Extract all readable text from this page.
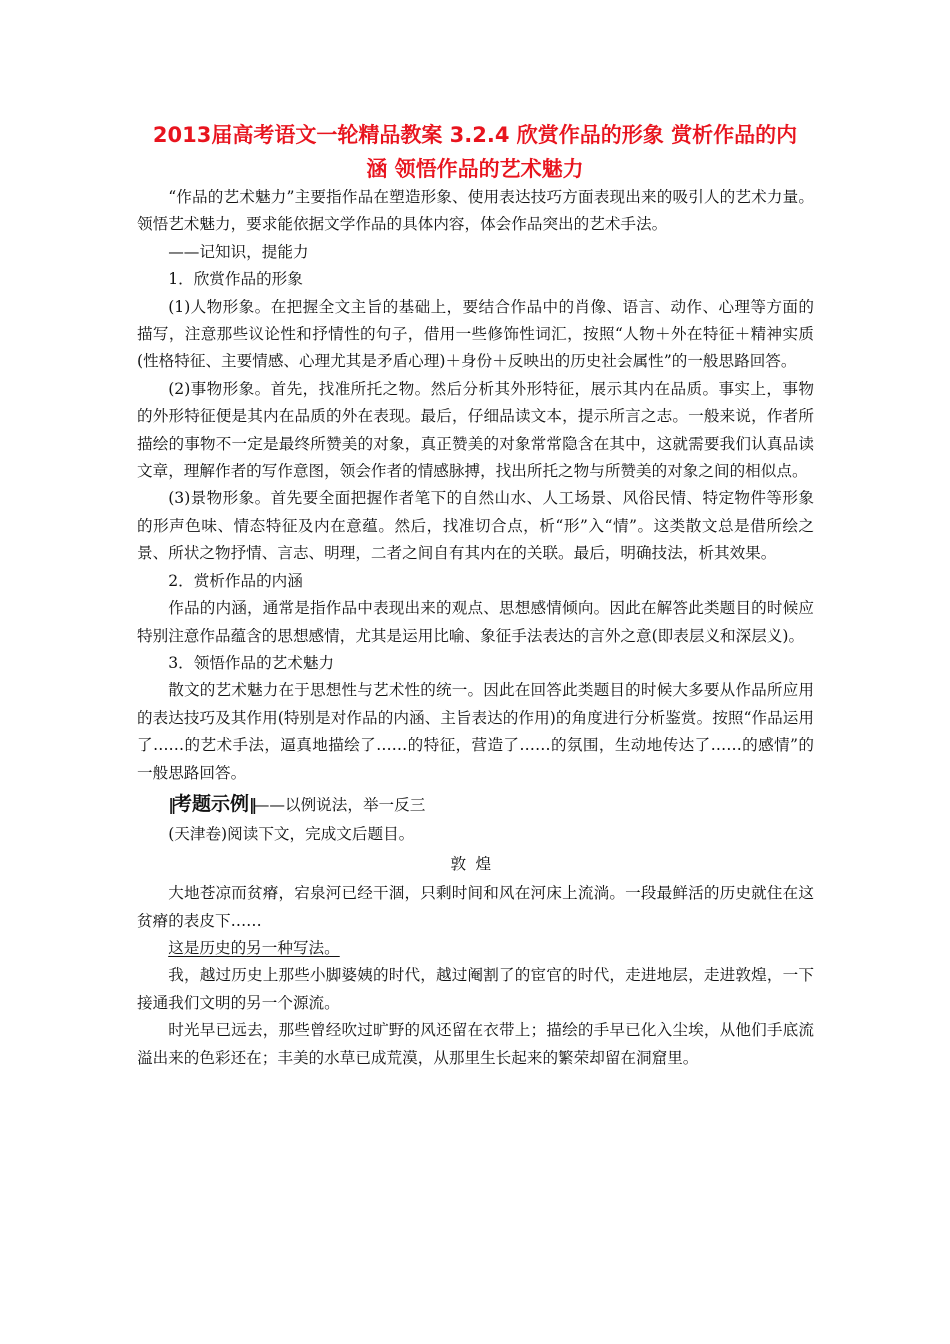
2013届高考语文一轮精品教案 3.2.4 欣赏作品的形象 赏析作品的内
涵 领悟作品的艺术魅力

“作品的艺术魅力”主要指作品在塑造形象、使用表达技巧方面表现出来的吸引人的艺术力量。领悟艺术魅力，要求能依据文学作品的具体内容，体会作品突出的艺术手法。

——记知识，提能力

1．欣赏作品的形象

(1)人物形象。在把握全文主旨的基础上，要结合作品中的肖像、语言、动作、心理等方面的描写，注意那些议论性和抒情性的句子，借用一些修饰性词汇，按照“人物＋外在特征＋精神实质(性格特征、主要情感、心理尤其是矛盾心理)＋身份＋反映出的历史社会属性”的一般思路回答。

(2)事物形象。首先，找准所托之物。然后分析其外形特征，展示其内在品质。事实上，事物的外形特征便是其内在品质的外在表现。最后，仔细品读文本，提示所言之志。一般来说，作者所描绘的事物不一定是最终所赞美的对象，真正赞美的对象常常隐含在其中，这就需要我们认真品读文章，理解作者的写作意图，领会作者的情感脉搏，找出所托之物与所赞美的对象之间的相似点。

(3)景物形象。首先要全面把握作者笔下的自然山水、人工场景、风俗民情、特定物件等形象的形声色味、情态特征及内在意蕴。然后，找准切合点，析“形”入“情”。这类散文总是借所绘之景、所状之物抒情、言志、明理，二者之间自有其内在的关联。最后，明确技法，析其效果。

2．赏析作品的内涵

作品的内涵，通常是指作品中表现出来的观点、思想感情倾向。因此在解答此类题目的时候应特别注意作品蕴含的思想感情，尤其是运用比喻、象征手法表达的言外之意(即表层义和深层义)。

3．领悟作品的艺术魅力

散文的艺术魅力在于思想性与艺术性的统一。因此在回答此类题目的时候大多要从作品所应用的表达技巧及其作用(特别是对作品的内涵、主旨表达的作用)的角度进行分析鉴赏。按照“作品运用了……的艺术手法，逼真地描绘了……的特征，营造了……的氛围，生动地传达了……的感情”的一般思路回答。

‖考题示例‖——以例说法，举一反三

(天津卷)阅读下文，完成文后题目。

敦煌

大地苍凉而贫瘠，宕泉河已经干涸，只剩时间和风在河床上流淌。一段最鲜活的历史就住在这贫瘠的表皮下……

这是历史的另一种写法。

我，越过历史上那些小脚婆姨的时代，越过阉割了的宦官的时代，走进地层，走进敦煌，一下接通我们文明的另一个源流。

时光早已远去，那些曾经吹过旷野的风还留在衣带上；描绘的手早已化入尘埃，从他们手底流溢出来的色彩还在；丰美的水草已成荒漠，从那里生长起来的繁荣却留在洞窟里。
